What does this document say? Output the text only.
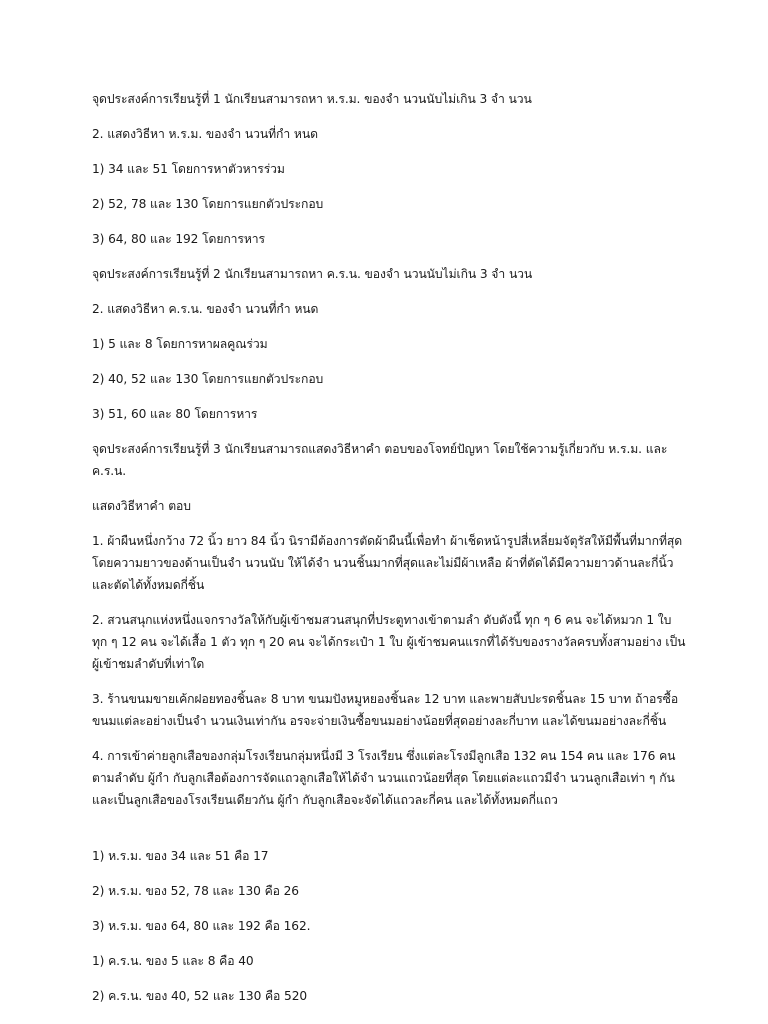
จุดประสงค์การเรียนรู้ที่ 1 นักเรียนสามารถหา ห.ร.ม. ของจำ นวนนับไม่เกิน 3 จำ นวน

2. แสดงวิธีหา ห.ร.ม. ของจำ นวนที่กำ หนด

1) 34 และ 51 โดยการหาตัวหารร่วม

2) 52, 78 และ 130 โดยการแยกตัวประกอบ

3) 64, 80 และ 192 โดยการหาร

จุดประสงค์การเรียนรู้ที่ 2 นักเรียนสามารถหา ค.ร.น. ของจำ นวนนับไม่เกิน 3 จำ นวน

2. แสดงวิธีหา ค.ร.น. ของจำ นวนที่กำ หนด

1) 5 และ 8 โดยการหาผลคูณร่วม

2) 40, 52 และ 130 โดยการแยกตัวประกอบ

3) 51, 60 และ 80 โดยการหาร

จุดประสงค์การเรียนรู้ที่ 3 นักเรียนสามารถแสดงวิธีหาคำ ตอบของโจทย์ปัญหา โดยใช้ความรู้เกี่ยวกับ ห.ร.ม. และ ค.ร.น.

แสดงวิธีหาคำ ตอบ

1. ผ้าผืนหนึ่งกว้าง 72 นิ้ว ยาว 84 นิ้ว นิรามีต้องการตัดผ้าผืนนี้เพื่อทำ ผ้าเช็ดหน้ารูปสี่เหลี่ยมจัตุรัสให้มีพื้นที่มากที่สุด โดยความยาวของด้านเป็นจำ นวนนับ ให้ได้จำ นวนชิ้นมากที่สุดและไม่มีผ้าเหลือ ผ้าที่ตัดได้มีความยาวด้านละกี่นิ้ว และตัดได้ทั้งหมดกี่ชิ้น

2. สวนสนุกแห่งหนึ่งแจกรางวัลให้กับผู้เข้าชมสวนสนุกที่ประตูทางเข้าตามลำ ดับดังนี้ ทุก ๆ 6 คน จะได้หมวก 1 ใบ ทุก ๆ 12 คน จะได้เสื้อ 1 ตัว ทุก ๆ 20 คน จะได้กระเป๋า 1 ใบ ผู้เข้าชมคนแรกที่ได้รับของรางวัลครบทั้งสามอย่าง เป็นผู้เข้าชมลำดับที่เท่าใด

3. ร้านขนมขายเค้กฝอยทองชิ้นละ 8 บาท ขนมปังหมูหยองชิ้นละ 12 บาท และพายสับปะรดชิ้นละ 15 บาท ถ้าอรซื้อขนมแต่ละอย่างเป็นจำ นวนเงินเท่ากัน อรจะจ่ายเงินซื้อขนมอย่างน้อยที่สุดอย่างละกี่บาท และได้ขนมอย่างละกี่ชิ้น

4. การเข้าค่ายลูกเสือของกลุ่มโรงเรียนกลุ่มหนึ่งมี 3 โรงเรียน ซึ่งแต่ละโรงมีลูกเสือ 132 คน 154 คน และ 176 คน ตามลำดับ ผู้กำ กับลูกเสือต้องการจัดแถวลูกเสือให้ได้จำ นวนแถวน้อยที่สุด โดยแต่ละแถวมีจำ นวนลูกเสือเท่า ๆ กัน และเป็นลูกเสือของโรงเรียนเดียวกัน ผู้กำ กับลูกเสือจะจัดได้แถวละกี่คน และได้ทั้งหมดกี่แถว

1) ห.ร.ม. ของ 34 และ 51 คือ 17

2) ห.ร.ม. ของ 52, 78 และ 130 คือ 26

3) ห.ร.ม. ของ 64, 80 และ 192 คือ 162.

1) ค.ร.น. ของ 5 และ 8 คือ 40

2) ค.ร.น. ของ 40, 52 และ 130 คือ 520
